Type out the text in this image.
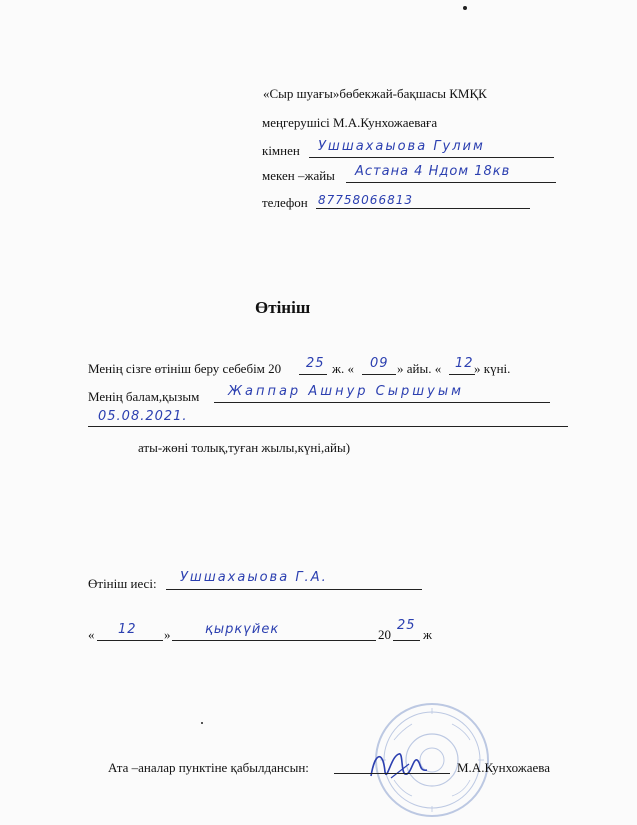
«Сыр шуағы»бөбекжай-бақшасы КМҚК
меңгерушісі М.А.Кунхожаеваға
кімнен Ушшахаыова Гулим
мекен –жайы Астана 4 Ндом 18кв
телефон 87758066813
Өтініш
Менің сізге өтініш беру себебім 20 25 ж. « 09 » айы. « 12 » күні.
Менің балам,қызым Жаппар Ашнур Сыршуым
05.08.2021.
аты-жөні толық,туған жылы,күні,айы)
Өтініш иесі: Ушшахаыова Г.А.
« 12 »	қыркүйек	20
25
ж
Ата –аналар пунктіне қабылдансын:	М.А.Кунхожаева
